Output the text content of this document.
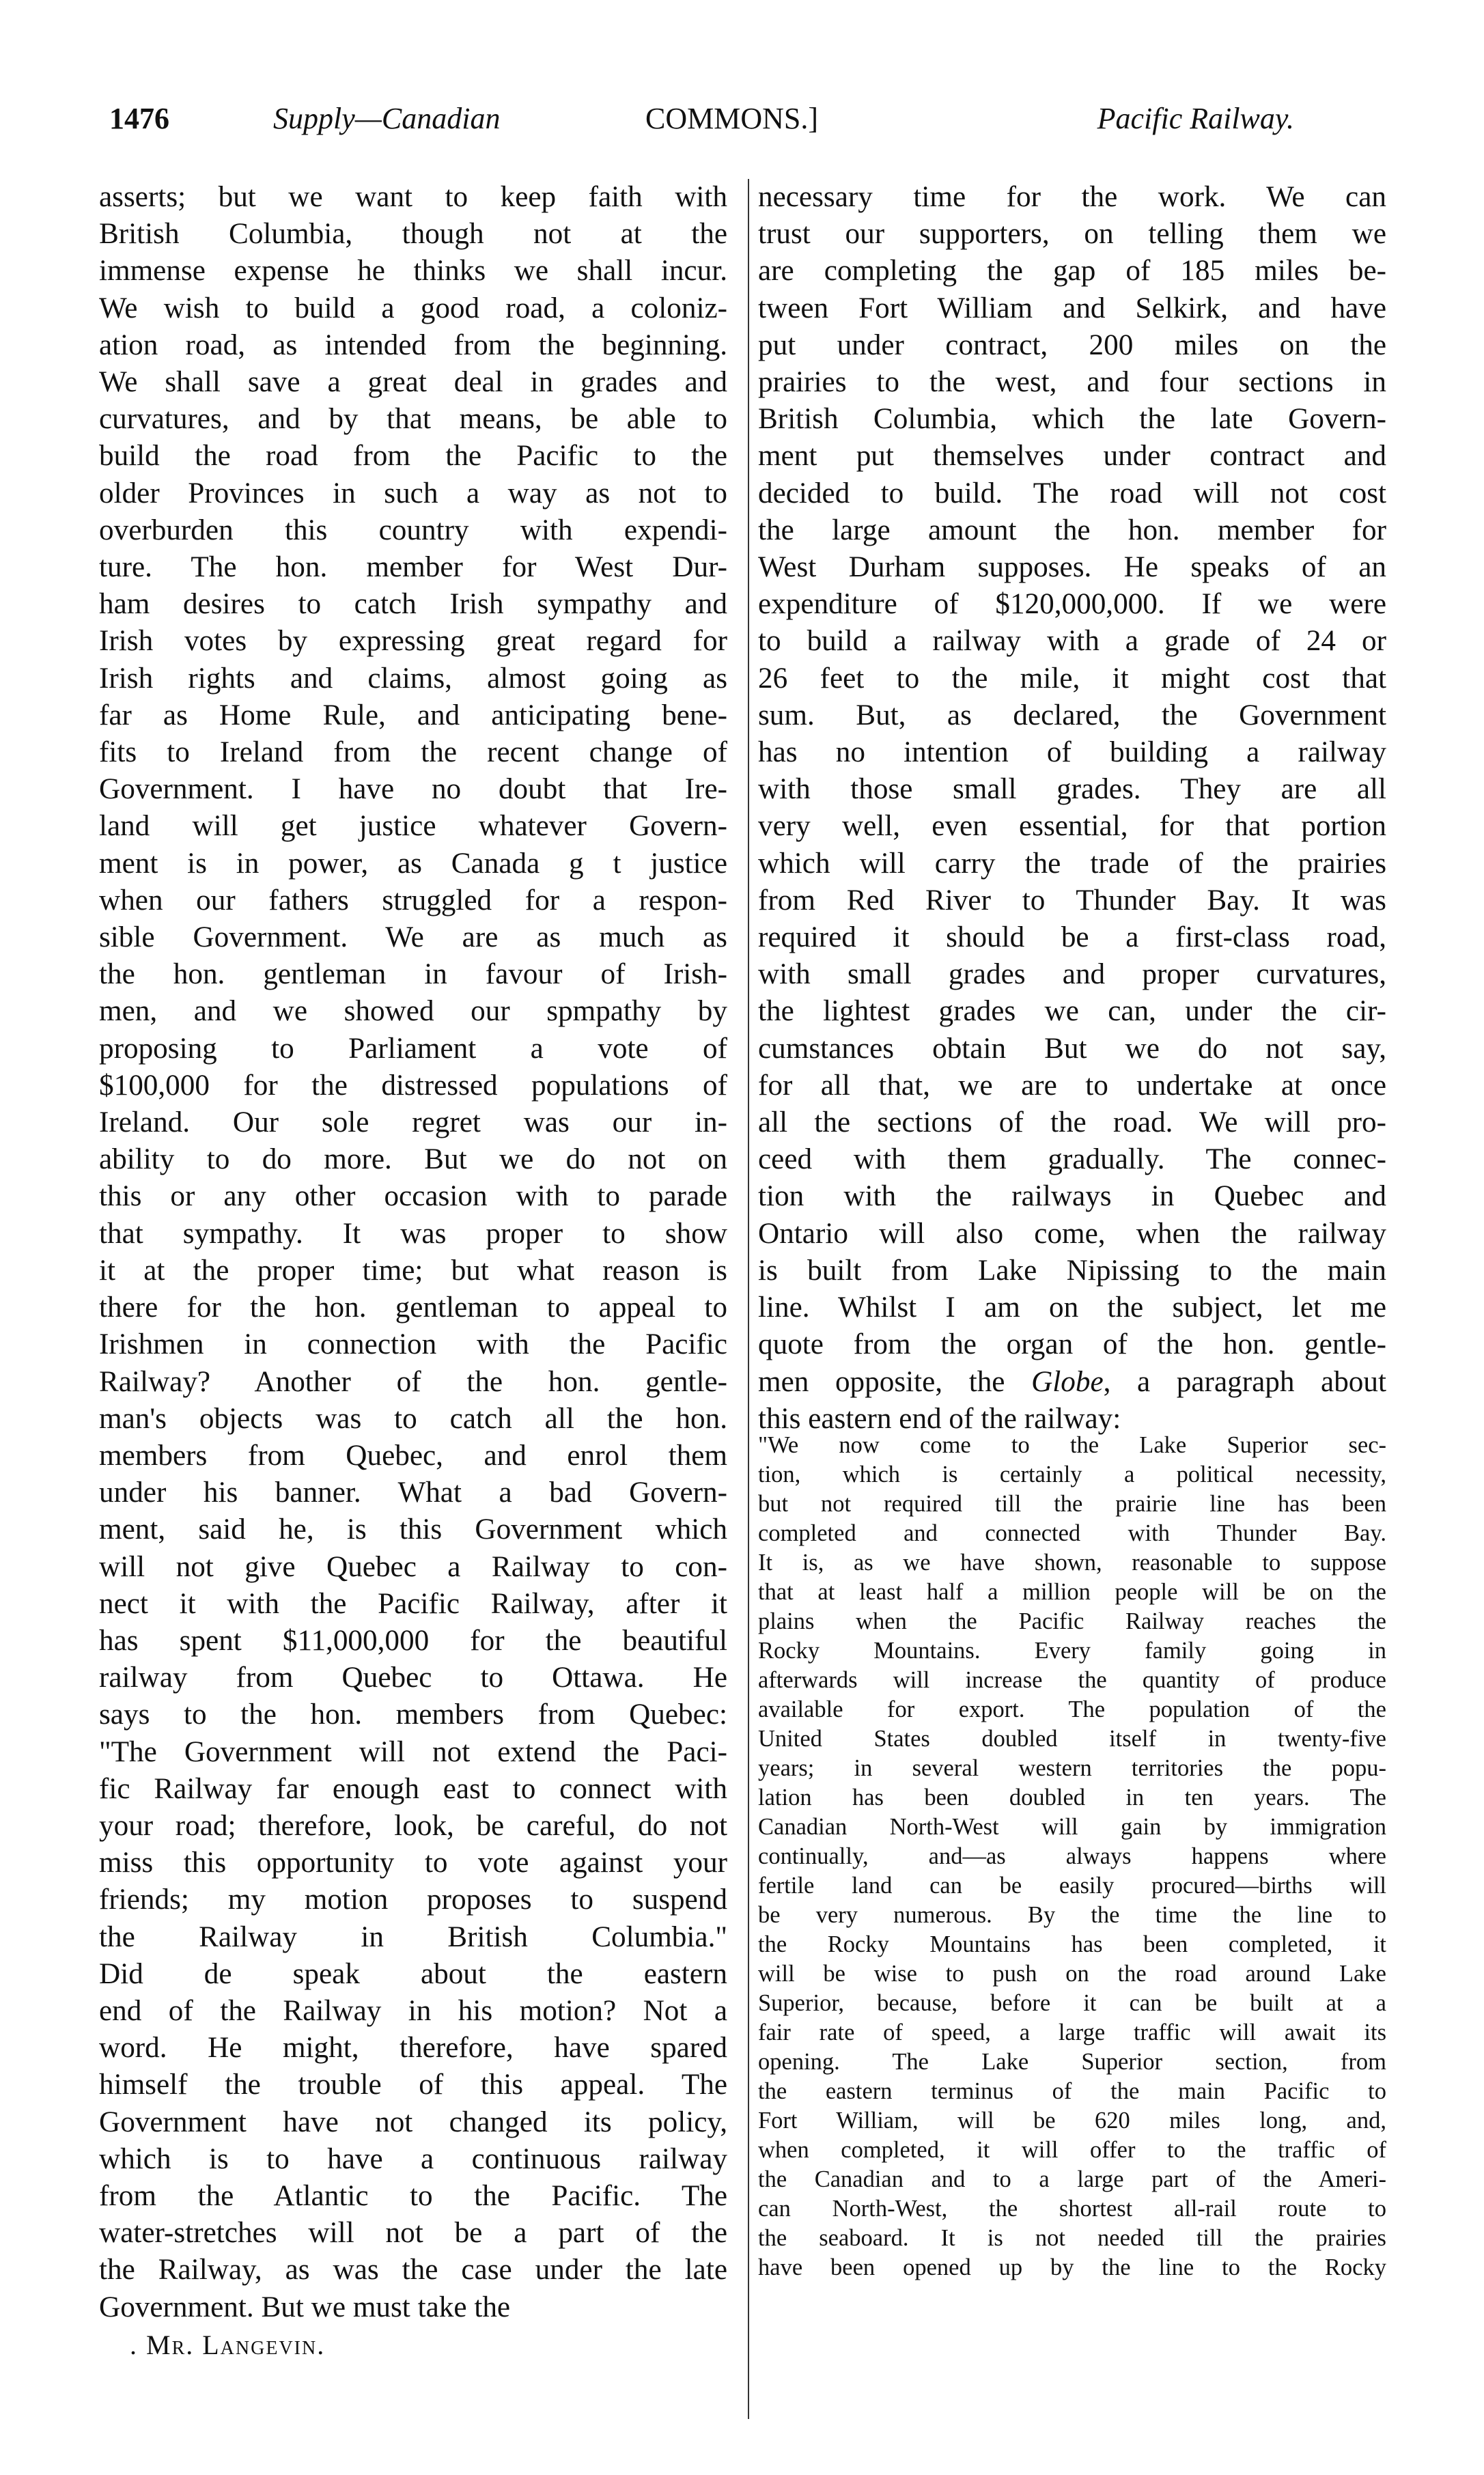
1476	Supply—Canadian	COMMONS.]	Pacific Railway.
asserts; but we want to keep faith with
British Columbia, though not at the
immense expense he thinks we shall incur.
We wish to build a good road, a coloniz-
ation road, as intended from the beginning.
We shall save a great deal in grades and
curvatures, and by that means, be able to
build the road from the Pacific to the
older Provinces in such a way as not to
overburden this country with expendi-
ture. The hon. member for West Dur-
ham desires to catch Irish sympathy and
Irish votes by expressing great regard for
Irish rights and claims, almost going as
far as Home Rule, and anticipating bene-
fits to Ireland from the recent change of
Government. I have no doubt that Ire-
land will get justice whatever Govern-
ment is in power, as Canada g t justice
when our fathers struggled for a respon-
sible Government. We are as much as
the hon. gentleman in favour of Irish-
men, and we showed our spmpathy by
proposing to Parliament a vote of
$100,000 for the distressed populations of
Ireland. Our sole regret was our in-
ability to do more. But we do not on
this or any other occasion with to parade
that sympathy. It was proper to show
it at the proper time; but what reason is
there for the hon. gentleman to appeal to
Irishmen in connection with the Pacific
Railway? Another of the hon. gentle-
man's objects was to catch all the hon.
members from Quebec, and enrol them
under his banner. What a bad Govern-
ment, said he, is this Government which
will not give Quebec a Railway to con-
nect it with the Pacific Railway, after it
has spent $11,000,000 for the beautiful
railway from Quebec to Ottawa. He
says to the hon. members from Quebec:
"The Government will not extend the Paci-
fic Railway far enough east to connect with
your road; therefore, look, be careful, do not
miss this opportunity to vote against your
friends; my motion proposes to suspend
the Railway in British Columbia."
Did de speak about the eastern
end of the Railway in his motion? Not a
word. He might, therefore, have spared
himself the trouble of this appeal. The
Government have not changed its policy,
which is to have a continuous railway
from the Atlantic to the Pacific. The
water-stretches will not be a part of the
the Railway, as was the case under the late
Government. But we must take the
necessary time for the work. We can
trust our supporters, on telling them we
are completing the gap of 185 miles be-
tween Fort William and Selkirk, and have
put under contract, 200 miles on the
prairies to the west, and four sections in
British Columbia, which the late Govern-
ment put themselves under contract and
decided to build. The road will not cost
the large amount the hon. member for
West Durham supposes. He speaks of an
expenditure of $120,000,000. If we were
to build a railway with a grade of 24 or
26 feet to the mile, it might cost that
sum. But, as declared, the Government
has no intention of building a railway
with those small grades. They are all
very well, even essential, for that portion
which will carry the trade of the prairies
from Red River to Thunder Bay. It was
required it should be a first-class road,
with small grades and proper curvatures,
the lightest grades we can, under the cir-
cumstances obtain But we do not say,
for all that, we are to undertake at once
all the sections of the road. We will pro-
ceed with them gradually. The connec-
tion with the railways in Quebec and
Ontario will also come, when the railway
is built from Lake Nipissing to the main
line. Whilst I am on the subject, let me
quote from the organ of the hon. gentle-
men opposite, the Globe, a paragraph about
this eastern end of the railway:
"We now come to the Lake Superior sec-
tion, which is certainly a political necessity,
but not required till the prairie line has been
completed and connected with Thunder Bay.
It is, as we have shown, reasonable to suppose
that at least half a million people will be on the
plains when the Pacific Railway reaches the
Rocky Mountains. Every family going in
afterwards will increase the quantity of produce
available for export. The population of the
United States doubled itself in twenty-five
years; in several western territories the popu-
lation has been doubled in ten years. The
Canadian North-West will gain by immigration
continually, and—as always happens where
fertile land can be easily procured—births will
be very numerous. By the time the line to
the Rocky Mountains has been completed, it
will be wise to push on the road around Lake
Superior, because, before it can be built at a
fair rate of speed, a large traffic will await its
opening. The Lake Superior section, from
the eastern terminus of the main Pacific to
Fort William, will be 620 miles long, and,
when completed, it will offer to the traffic of
the Canadian and to a large part of the Ameri-
can North-West, the shortest all-rail route to
the seaboard. It is not needed till the prairies
have been opened up by the line to the Rocky
. Mr. Langevin.
